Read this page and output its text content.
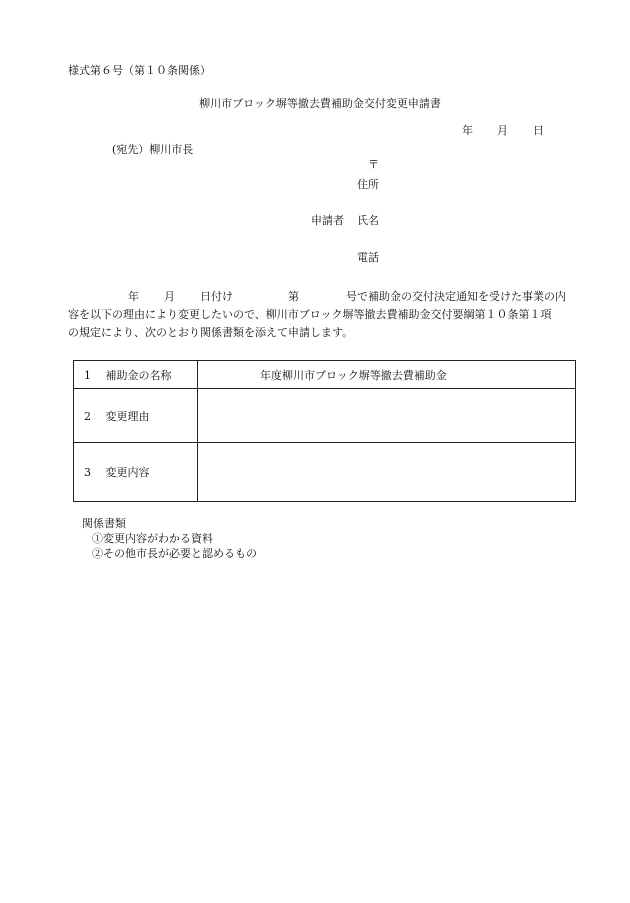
様式第６号（第１０条関係）
柳川市ブロック塀等撤去費補助金交付変更申請書
年 月 日
(宛先）柳川市長
〒
住所
申請者 氏名
電話
年 月 日付け	第	号で補助金の交付決定通知を受けた事業の内
容を以下の理由により変更したいので、柳川市ブロック塀等撤去費補助金交付要綱第１０条第１項
の規定により、次のとおり関係書類を添えて申請します。
1　 補助金の名称	年度柳川市ブロック塀等撤去費補助金
2　 変更理由	
3　 変更内容	
関係書類
①変更内容がわかる資料
②その他市長が必要と認めるもの
